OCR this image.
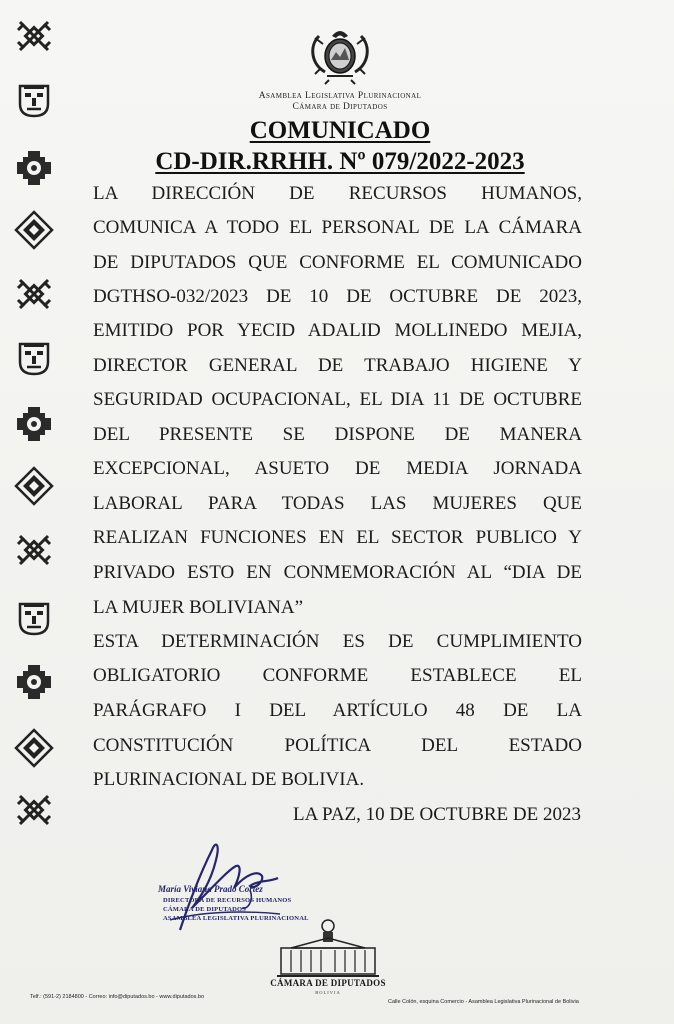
Asamblea Legislativa Plurinacional
Cámara de Diputados
COMUNICADO
CD-DIR.RRHH. Nº 079/2022-2023
LA DIRECCIÓN DE RECURSOS HUMANOS,
COMUNICA A TODO EL PERSONAL DE LA CÁMARA
DE DIPUTADOS QUE CONFORME EL COMUNICADO
DGTHSO-032/2023 DE 10 DE OCTUBRE DE 2023,
EMITIDO POR YECID ADALID MOLLINEDO MEJIA,
DIRECTOR GENERAL DE TRABAJO HIGIENE Y
SEGURIDAD OCUPACIONAL, EL DIA 11 DE OCTUBRE
DEL PRESENTE SE DISPONE DE MANERA
EXCEPCIONAL, ASUETO DE MEDIA JORNADA
LABORAL PARA TODAS LAS MUJERES QUE
REALIZAN FUNCIONES EN EL SECTOR PUBLICO Y
PRIVADO ESTO EN CONMEMORACIÓN AL “DIA DE
LA MUJER BOLIVIANA”
ESTA DETERMINACIÓN ES DE CUMPLIMIENTO
OBLIGATORIO CONFORME ESTABLECE EL
PARÁGRAFO I DEL ARTÍCULO 48 DE LA
CONSTITUCIÓN POLÍTICA DEL ESTADO
PLURINACIONAL DE BOLIVIA.
LA PAZ, 10 DE OCTUBRE DE 2023
María Viviana Prado Cortez
DIRECTORA DE RECURSOS HUMANOS
CÁMARA DE DIPUTADOS
ASAMBLEA LEGISLATIVA PLURINACIONAL
CÁMARA DE DIPUTADOS
BOLIVIA
Telf.: (591-2) 2184800 - Correo: info@diputados.bo - www.diputados.bo
Calle Colón, esquina Comercio - Asamblea Legislativa Plurinacional de Bolivia
